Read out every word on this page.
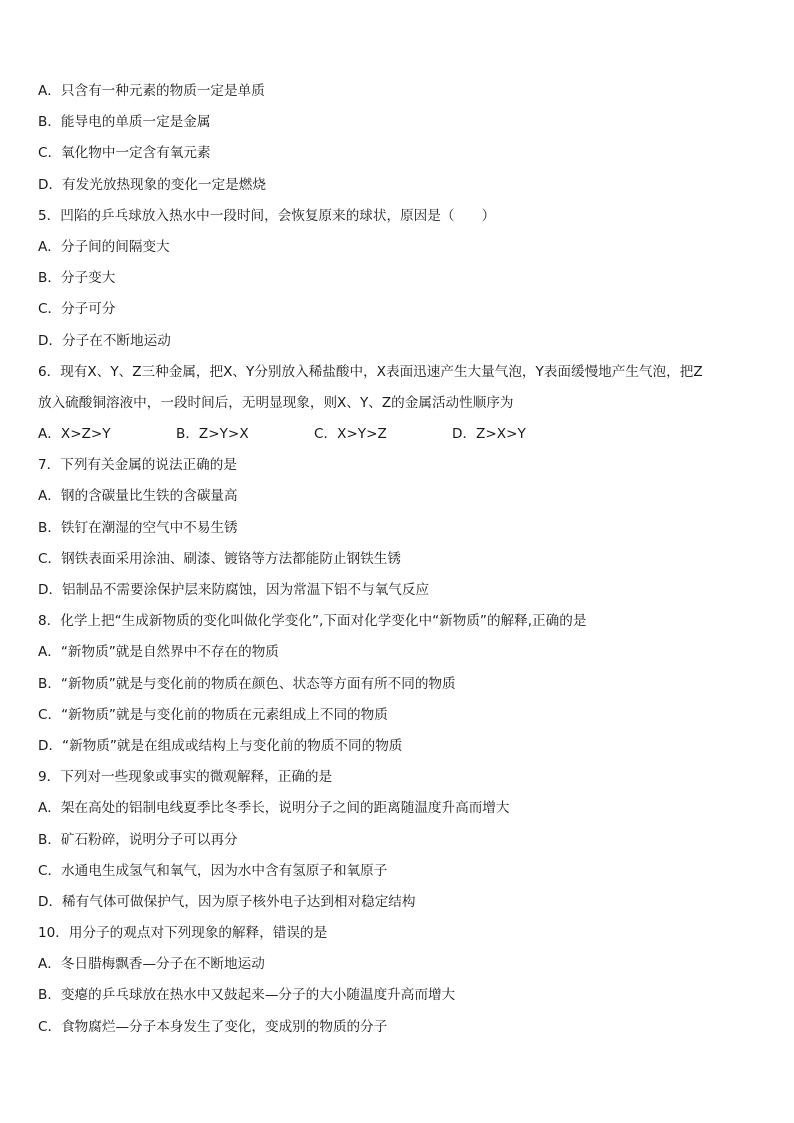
A．只含有一种元素的物质一定是单质
B．能导电的单质一定是金属
C．氧化物中一定含有氧元素
D．有发光放热现象的变化一定是燃烧
5．凹陷的乒乓球放入热水中一段时间，会恢复原来的球状，原因是（　　）
A．分子间的间隔变大
B．分子变大
C．分子可分
D．分子在不断地运动
6．现有X、Y、Z三种金属，把X、Y分别放入稀盐酸中，X表面迅速产生大量气泡，Y表面缓慢地产生气泡，把Z
放入硫酸铜溶液中，一段时间后，无明显现象，则X、Y、Z的金属活动性顺序为
A．X>Z>Y	B．Z>Y>X	C．X>Y>Z	D．Z>X>Y
7．下列有关金属的说法正确的是
A．钢的含碳量比生铁的含碳量高
B．铁钉在潮湿的空气中不易生锈
C．钢铁表面采用涂油、刷漆、镀铬等方法都能防止钢铁生锈
D．铝制品不需要涂保护层来防腐蚀，因为常温下铝不与氧气反应
8．化学上把“生成新物质的变化叫做化学变化”,下面对化学变化中“新物质”的解释,正确的是
A．“新物质”就是自然界中不存在的物质
B．“新物质”就是与变化前的物质在颜色、状态等方面有所不同的物质
C．“新物质”就是与变化前的物质在元素组成上不同的物质
D．“新物质”就是在组成或结构上与变化前的物质不同的物质
9．下列对一些现象或事实的微观解释，正确的是
A．架在高处的铝制电线夏季比冬季长，说明分子之间的距离随温度升高而增大
B．矿石粉碎，说明分子可以再分
C．水通电生成氢气和氧气，因为水中含有氢原子和氧原子
D．稀有气体可做保护气，因为原子核外电子达到相对稳定结构
10．用分子的观点对下列现象的解释，错误的是
A．冬日腊梅飘香—分子在不断地运动
B．变瘪的乒乓球放在热水中又鼓起来—分子的大小随温度升高而增大
C．食物腐烂—分子本身发生了变化，变成别的物质的分子
